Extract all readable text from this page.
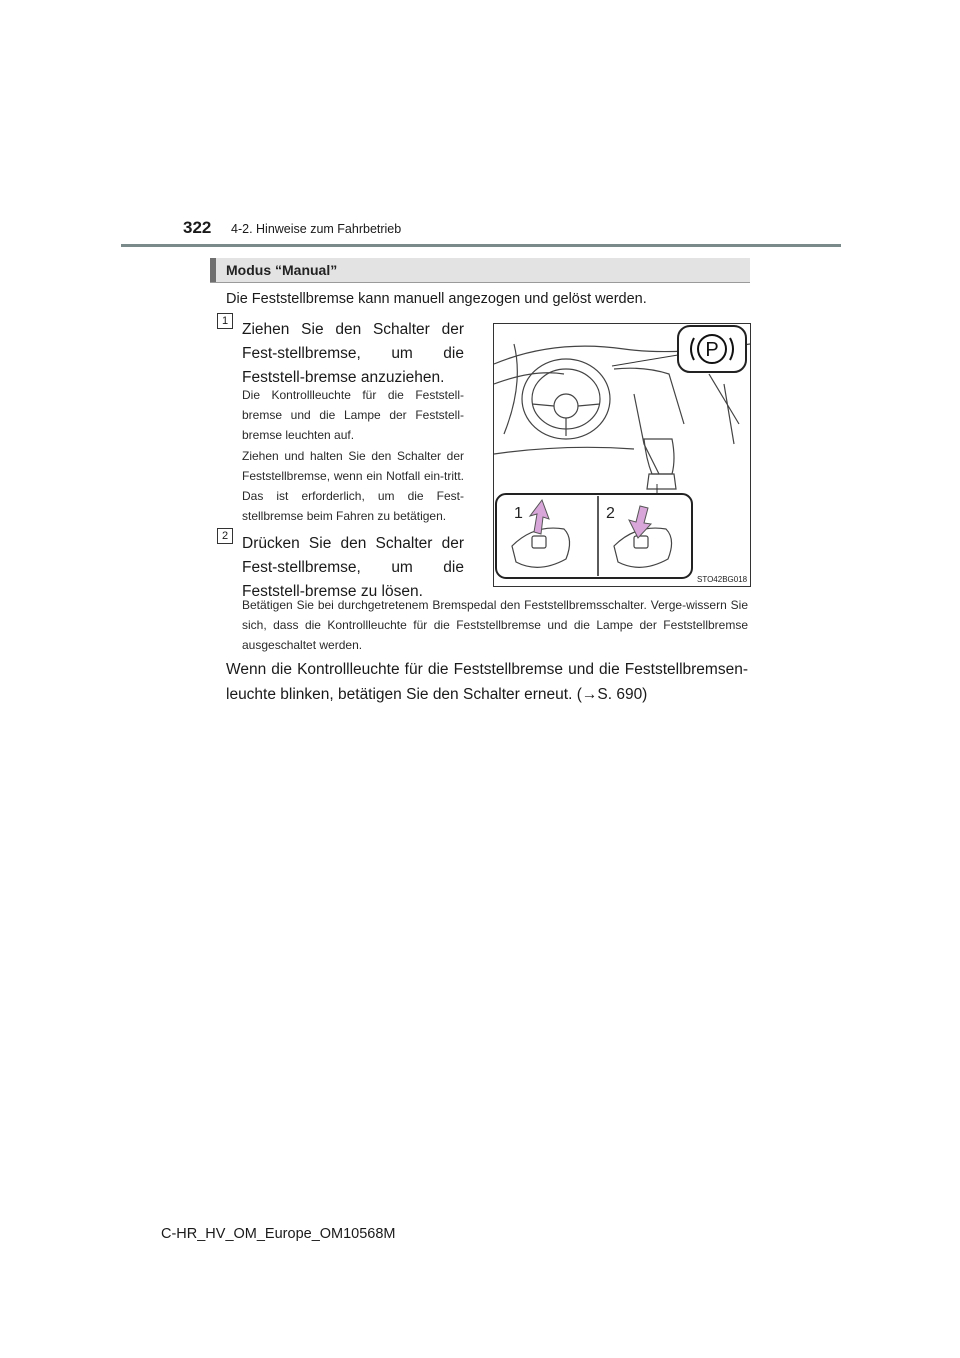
322 4-2. Hinweise zum Fahrbetrieb
Modus “Manual”
Die Feststellbremse kann manuell angezogen und gelöst werden.
1 Ziehen Sie den Schalter der Fest-stellbremse, um die Feststell-bremse anzuziehen.
Die Kontrollleuchte für die Feststell-bremse und die Lampe der Feststell-bremse leuchten auf.
Ziehen und halten Sie den Schalter der Feststellbremse, wenn ein Notfall ein-tritt. Das ist erforderlich, um die Fest-stellbremse beim Fahren zu betätigen.
2 Drücken Sie den Schalter der Fest-stellbremse, um die Feststell-bremse zu lösen.
Betätigen Sie bei durchgetretenem Bremspedal den Feststellbremsschalter. Verge-wissern Sie sich, dass die Kontrollleuchte für die Feststellbremse und die Lampe der Feststellbremse ausgeschaltet werden.
P
1	2
STO42BG018
Wenn die Kontrollleuchte für die Feststellbremse und die Feststellbremsen-leuchte blinken, betätigen Sie den Schalter erneut. (→S. 690)
C-HR_HV_OM_Europe_OM10568M
